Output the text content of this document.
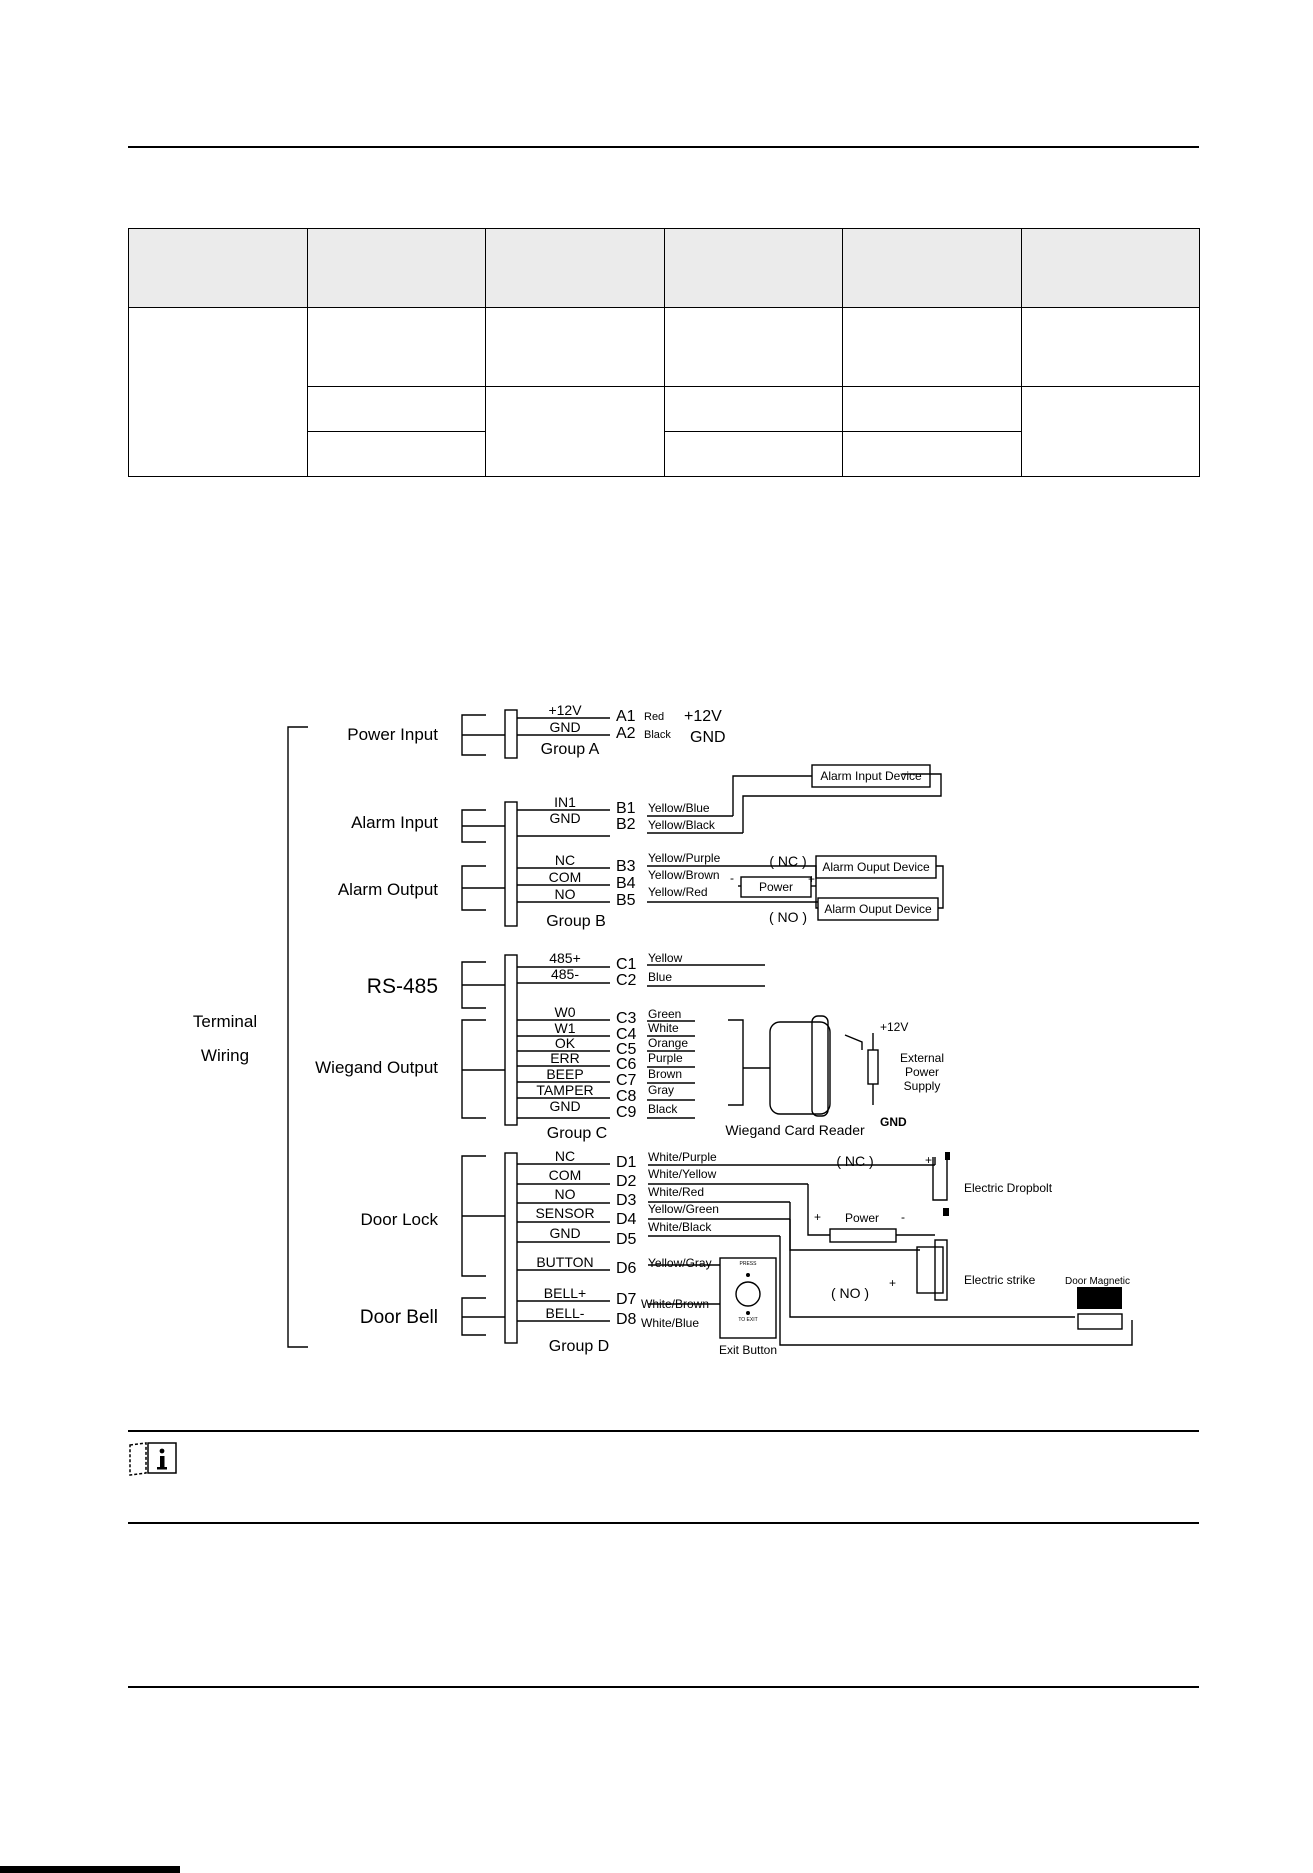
Terminal
Wiring
Power Input
Alarm Input
Alarm Output
RS-485
Wiegand Output
Door Lock
Door Bell
Group A
Group B
Group C
Group D
+12V A1 Red
GND A2 Black
IN1	B1 Yellow/Blue
GND B2 Yellow/Black
NC	B3 Yellow/Purple
COM B4 Yellow/Brown
NO	B5 Yellow/Red
485+ C1 Yellow
485- C2 Blue
W0	C3 Green
W1	C4 White
OK	C5 Orange
ERR C6 Purple
BEEP C7 Brown
TAMPER C8 Gray
GND C9 Black
NC	D1 White/Purple
COM D2 White/Yellow
NO	D3 White/Red
SENSOR D4
Yellow/Green
GND D5
White/Black
BUTTON D6 Yellow/Gray
BELL+ D7 White/Brown
BELL- D8 White/Blue
+12V
GND
Alarm Input Device
Alarm Ouput Device
Alarm Ouput Device
Power
( NC )
( NO )
-	+
Wiegand Card Reader
+12V
External
Power
Supply
GND
( NC )
( NO )
Power
+	-
+
+
Electric Dropbolt
Electric strike	Door Magnetic
Exit Button
PRESS
TO EXIT
